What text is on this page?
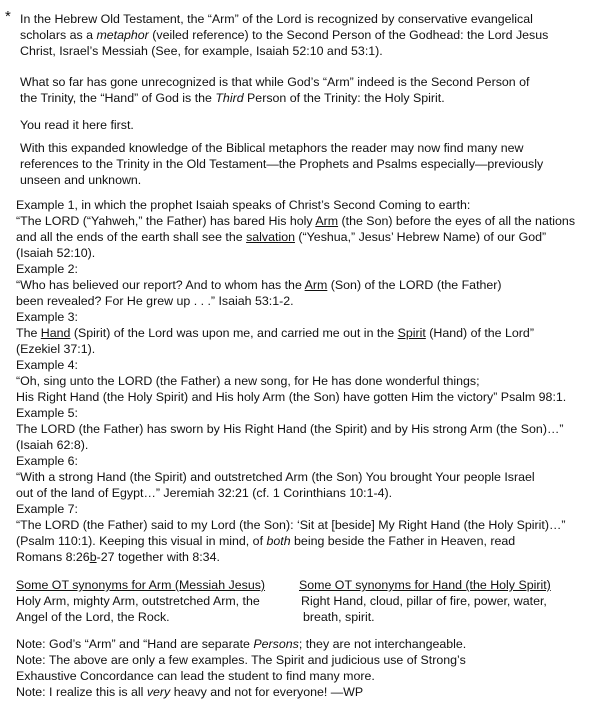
* In the Hebrew Old Testament, the “Arm” of the Lord is recognized by conservative evangelical
scholars as a metaphor (veiled reference) to the Second Person of the Godhead: the Lord Jesus
Christ, Israel’s Messiah (See, for example, Isaiah 52:10 and 53:1).
What so far has gone unrecognized is that while God’s “Arm” indeed is the Second Person of
the Trinity, the “Hand” of God is the Third Person of the Trinity: the Holy Spirit.
You read it here first.
With this expanded knowledge of the Biblical metaphors the reader may now find many new
references to the Trinity in the Old Testament—the Prophets and Psalms especially—previously
unseen and unknown.
Example 1, in which the prophet Isaiah speaks of Christ’s Second Coming to earth:
“The LORD (“Yahweh,” the Father) has bared His holy Arm (the Son) before the eyes of all the nations
and all the ends of the earth shall see the salvation (“Yeshua,” Jesus’ Hebrew Name) of our God”
(Isaiah 52:10).
Example 2:
“Who has believed our report? And to whom has the Arm (Son) of the LORD (the Father)
been revealed? For He grew up . . .” Isaiah 53:1-2.
Example 3:
The Hand (Spirit) of the Lord was upon me, and carried me out in the Spirit (Hand) of the Lord”
(Ezekiel 37:1).
Example 4:
“Oh, sing unto the LORD (the Father) a new song, for He has done wonderful things;
His Right Hand (the Holy Spirit) and His holy Arm (the Son) have gotten Him the victory” Psalm 98:1.
Example 5:
The LORD (the Father) has sworn by His Right Hand (the Spirit) and by His strong Arm (the Son)…”
(Isaiah 62:8).
Example 6:
“With a strong Hand (the Spirit) and outstretched Arm (the Son) You brought Your people Israel
out of the land of Egypt…” Jeremiah 32:21 (cf. 1 Corinthians 10:1-4).
Example 7:
“The LORD (the Father) said to my Lord (the Son): ‘Sit at [beside] My Right Hand (the Holy Spirit)…”
(Psalm 110:1). Keeping this visual in mind, of both being beside the Father in Heaven, read
Romans 8:26b-27 together with 8:34.
Some OT synonyms for Arm (Messiah Jesus)
Holy Arm, mighty Arm, outstretched Arm, the
Angel of the Lord, the Rock.
Some OT synonyms for Hand (the Holy Spirit)
Right Hand, cloud, pillar of fire, power, water,
breath, spirit.
Note: God’s “Arm” and “Hand are separate Persons; they are not interchangeable.
Note: The above are only a few examples. The Spirit and judicious use of Strong’s
Exhaustive Concordance can lead the student to find many more.
Note: I realize this is all very heavy and not for everyone! —WP
